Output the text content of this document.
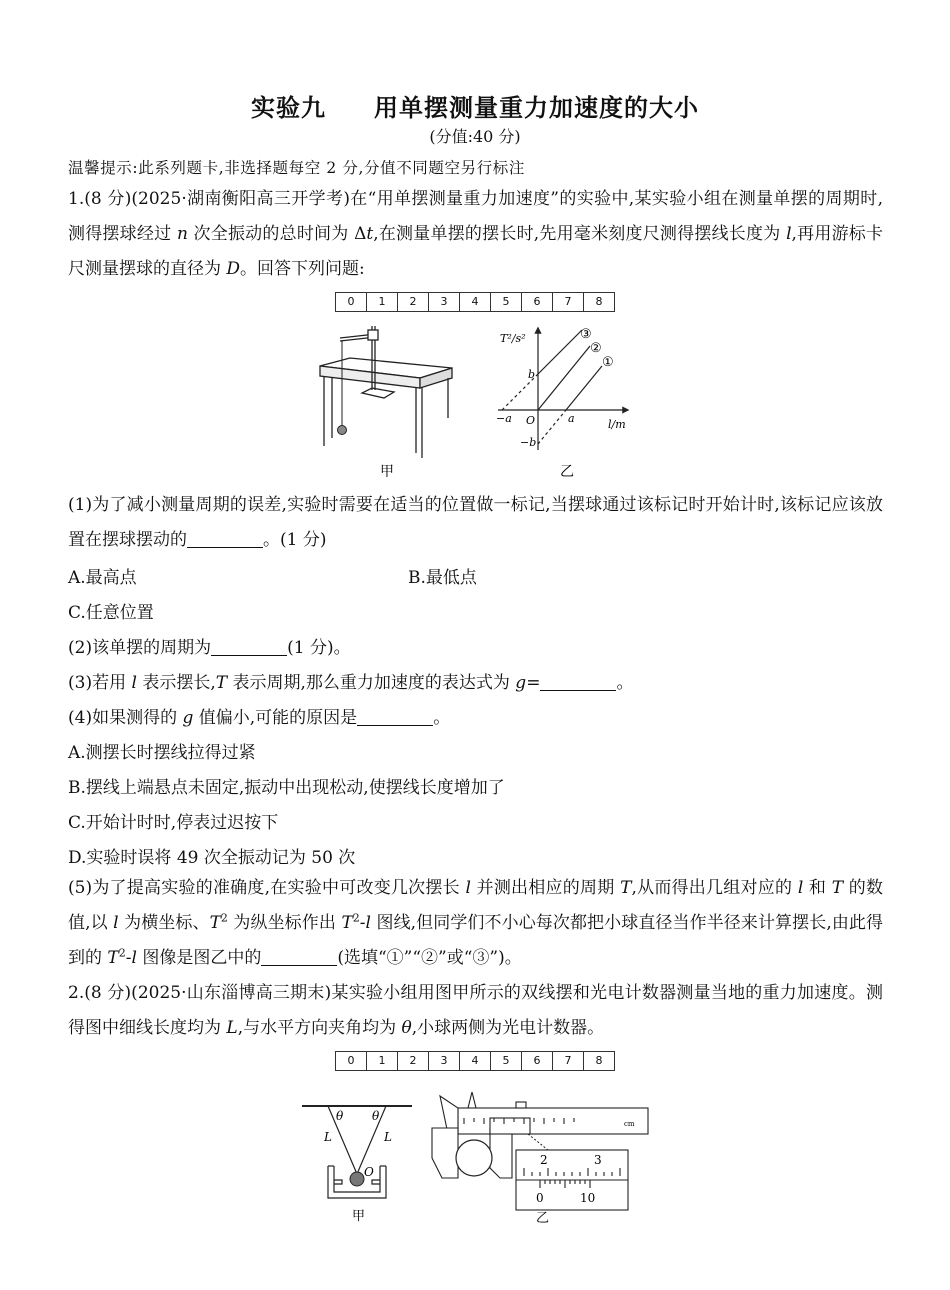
实验九 用单摆测量重力加速度的大小
(分值:40 分)
温馨提示:此系列题卡,非选择题每空 2 分,分值不同题空另行标注
1.(8 分)(2025·湖南衡阳高三开学考)在“用单摆测量重力加速度”的实验中,某实验小组在测量单摆的周期时,测得摆球经过 n 次全振动的总时间为 Δt,在测量单摆的摆长时,先用毫米刻度尺测得摆线长度为 l,再用游标卡尺测量摆球的直径为 D。回答下列问题:
0	1	2	3	4	5	6	7	8
甲
T²/s²
l/m
b
−b
a
−a O
③
②
①
乙
(1)为了减小测量周期的误差,实验时需要在适当的位置做一标记,当摆球通过该标记时开始计时,该标记应该放置在摆球摆动的	。(1 分)
A.最高点	B.最低点
C.任意位置
(2)该单摆的周期为	(1 分)。
(3)若用 l 表示摆长,T 表示周期,那么重力加速度的表达式为 g=	。
(4)如果测得的 g 值偏小,可能的原因是	。
A.测摆长时摆线拉得过紧
B.摆线上端悬点未固定,振动中出现松动,使摆线长度增加了
C.开始计时时,停表过迟按下
D.实验时误将 49 次全振动记为 50 次
(5)为了提高实验的准确度,在实验中可改变几次摆长 l 并测出相应的周期 T,从而得出几组对应的 l 和 T 的数值,以 l 为横坐标、$T^2$ 为纵坐标作出 $T^2-l$ 图线,但同学们不小心每次都把小球直径当作半径来计算摆长,由此得到的 $T^2-l$ 图像是图乙中的	(选填“①”“②”或“③”)。
2.(8 分)(2025·山东淄博高三期末)某实验小组用图甲所示的双线摆和光电计数器测量当地的重力加速度。测得图中细线长度均为 L,与水平方向夹角均为 θ,小球两侧为光电计数器。
0	1	2	3	4	5	6	7	8
θ θ
L	L
O
甲
cm
2	3
0	10
乙
